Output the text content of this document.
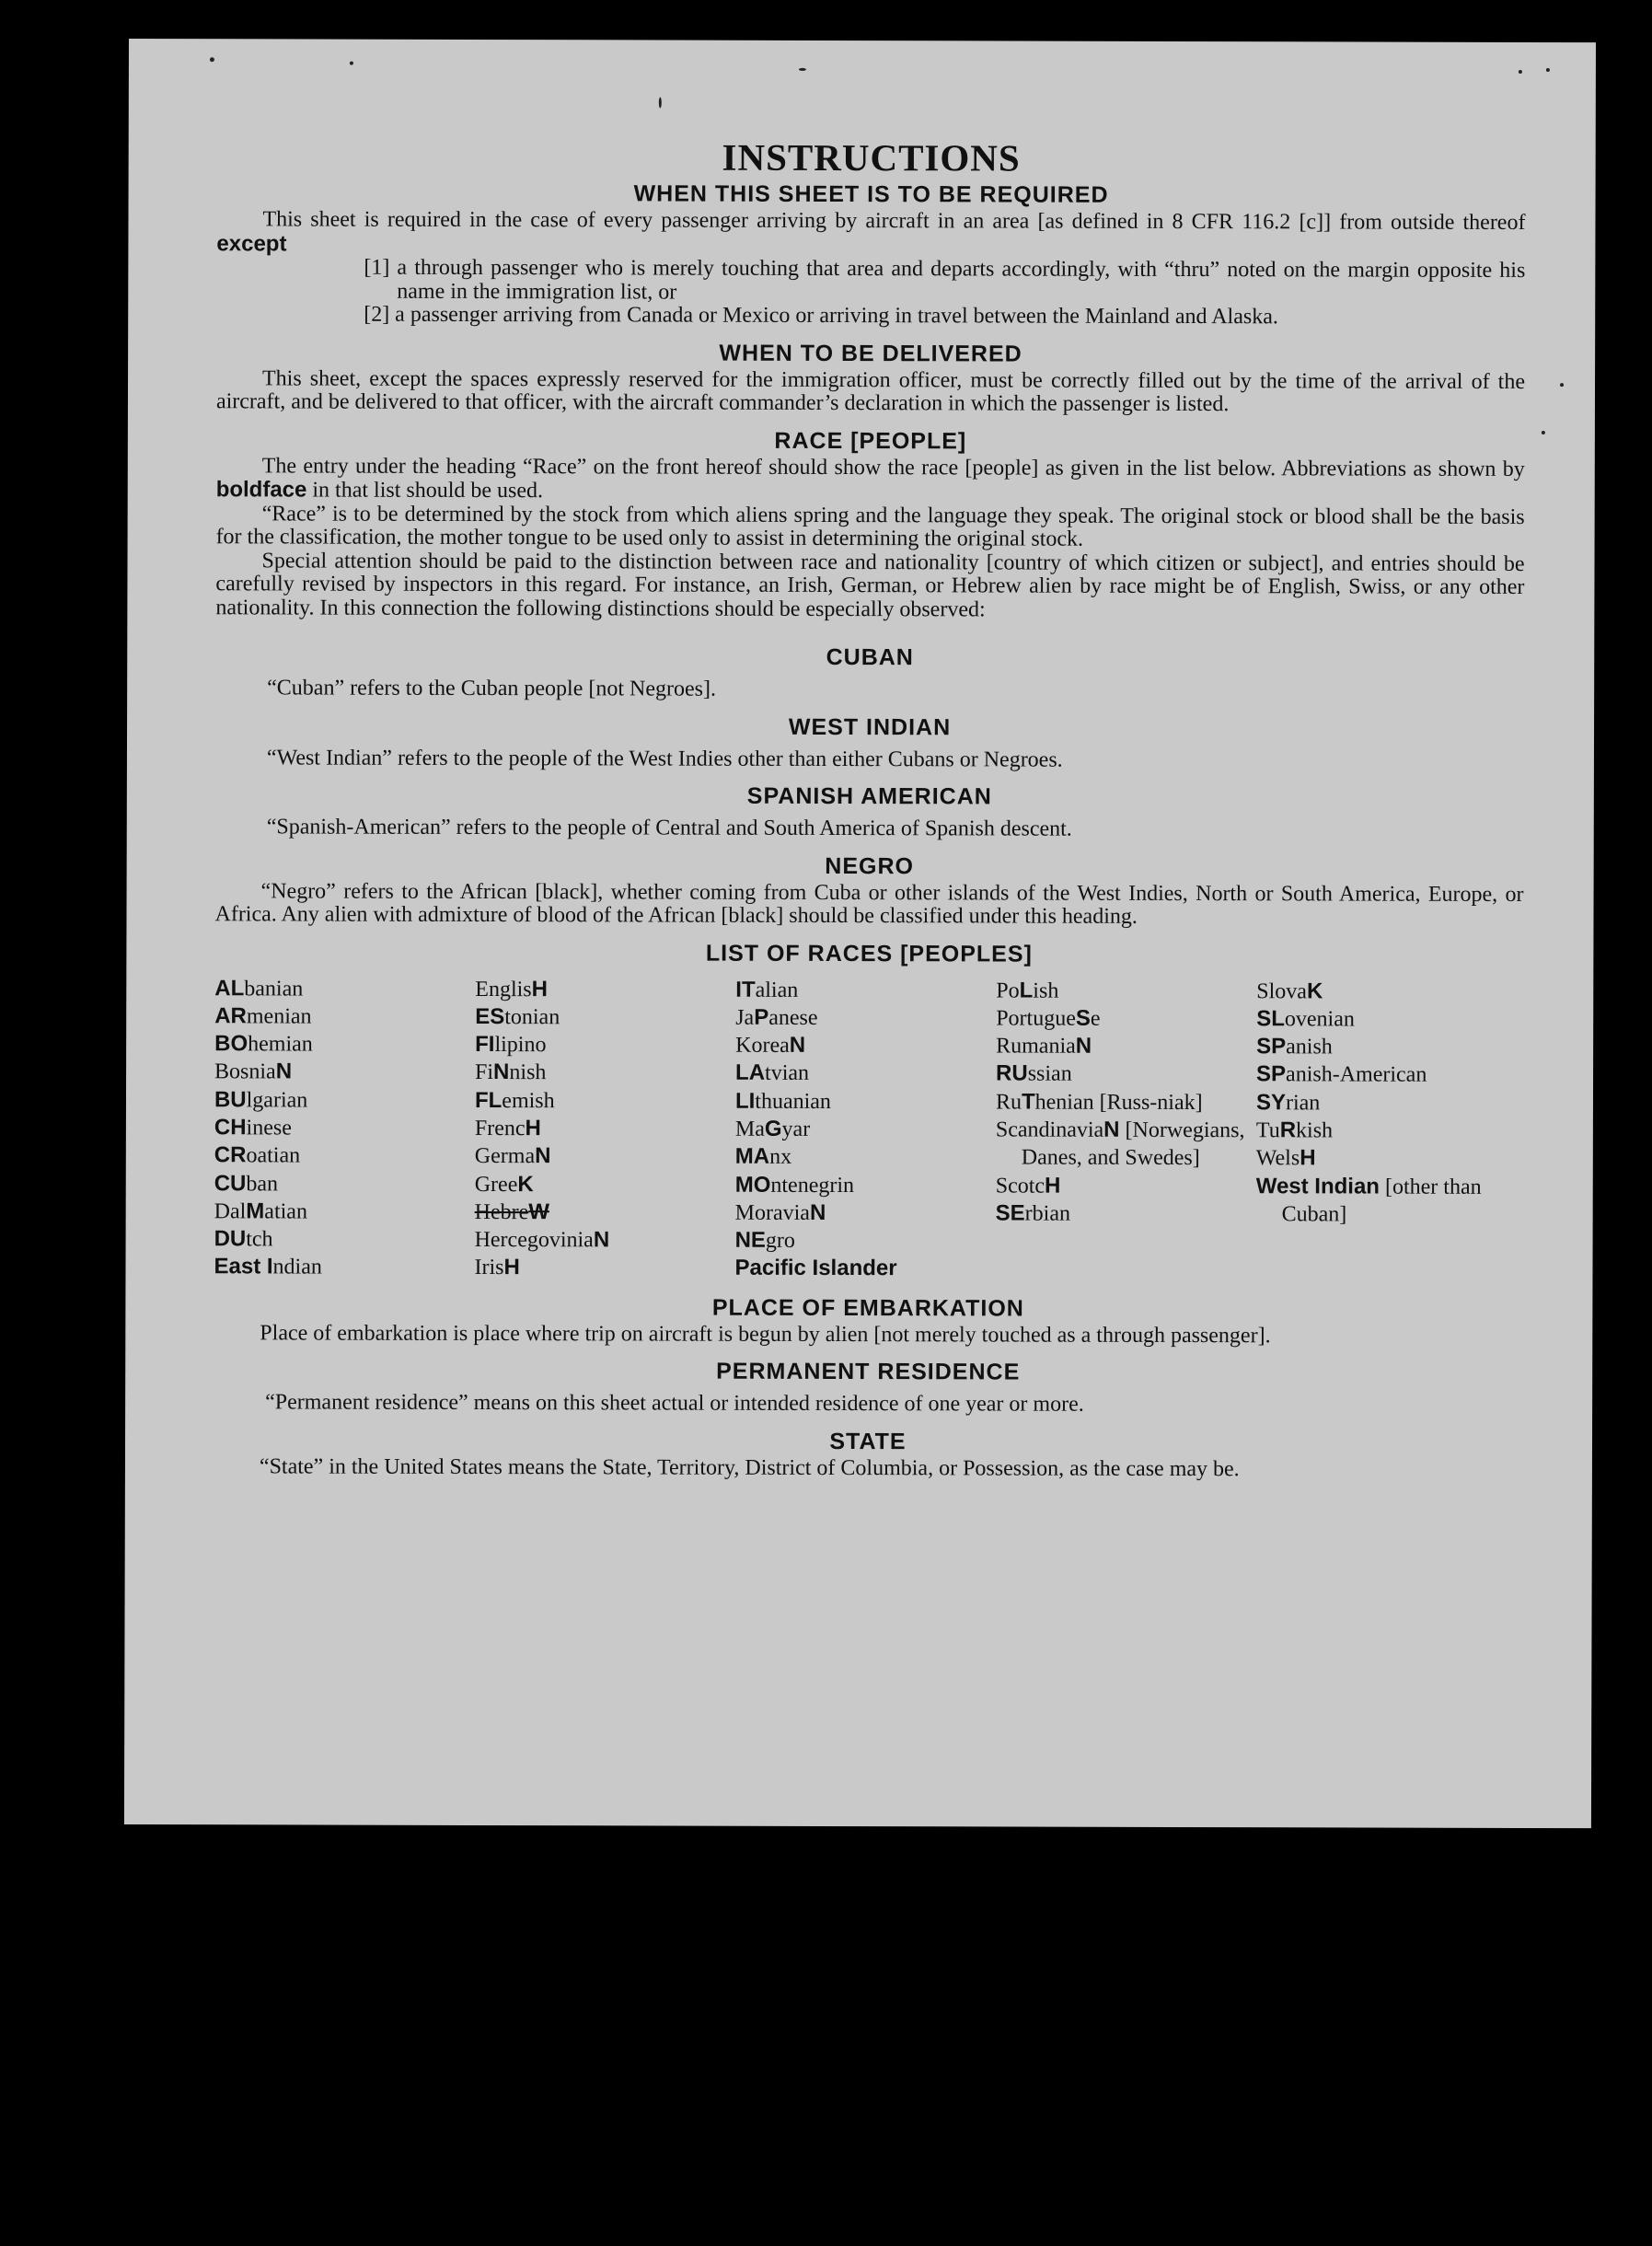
INSTRUCTIONS
WHEN THIS SHEET IS TO BE REQUIRED

This sheet is required in the case of every passenger arriving by aircraft in an area [as defined in 8 CFR 116.2 [c]] from outside thereof except

[1] a through passenger who is merely touching that area and departs accordingly, with “thru” noted on the margin opposite his name in the immigration list, or

[2] a passenger arriving from Canada or Mexico or arriving in travel between the Mainland and Alaska.

WHEN TO BE DELIVERED

This sheet, except the spaces expressly reserved for the immigration officer, must be correctly filled out by the time of the arrival of the aircraft, and be delivered to that officer, with the aircraft commander’s declaration in which the passenger is listed.

RACE [PEOPLE]

The entry under the heading “Race” on the front hereof should show the race [people] as given in the list below. Abbreviations as shown by boldface in that list should be used.

“Race” is to be determined by the stock from which aliens spring and the language they speak. The original stock or blood shall be the basis for the classification, the mother tongue to be used only to assist in determining the original stock.

Special attention should be paid to the distinction between race and nationality [country of which citizen or subject], and entries should be carefully revised by inspectors in this regard. For instance, an Irish, German, or Hebrew alien by race might be of English, Swiss, or any other nationality. In this connection the following distinctions should be especially observed:

CUBAN

“Cuban” refers to the Cuban people [not Negroes].

WEST INDIAN

“West Indian” refers to the people of the West Indies other than either Cubans or Negroes.

SPANISH AMERICAN

“Spanish-American” refers to the people of Central and South America of Spanish descent.

NEGRO

“Negro” refers to the African [black], whether coming from Cuba or other islands of the West Indies, North or South America, Europe, or Africa. Any alien with admixture of blood of the African [black] should be classified under this heading.

LIST OF RACES [PEOPLES]
ALbanian
ARmenian
BOhemian
BosniaN
BUlgarian
CHinese
CRoatian
CUban
DalMatian
DUtch
East Indian
EnglisH
EStonian
FIlipino
FiNnish
FLemish
FrencH
GermaN
GreeK
HebreW
HercegoviniaN
IrisH
ITalian
JaPanese
KoreaN
LAtvian
LIthuanian
MaGyar
MAnx
MOntenegrin
MoraviaN
NEgro
Pacific Islander
PoLish
PortugueSe
RumaniaN
RUssian
RuThenian [Russ-niak]
ScandinaviaN [Norwegians, Danes, and Swedes]
ScotcH
SErbian
SlovaK
SLovenian
SPanish
SPanish-American
SYrian
TuRkish
WelsH
West Indian [other than Cuban]
PLACE OF EMBARKATION

Place of embarkation is place where trip on aircraft is begun by alien [not merely touched as a through passenger].

PERMANENT RESIDENCE

“Permanent residence” means on this sheet actual or intended residence of one year or more.

STATE

“State” in the United States means the State, Territory, District of Columbia, or Possession, as the case may be.
